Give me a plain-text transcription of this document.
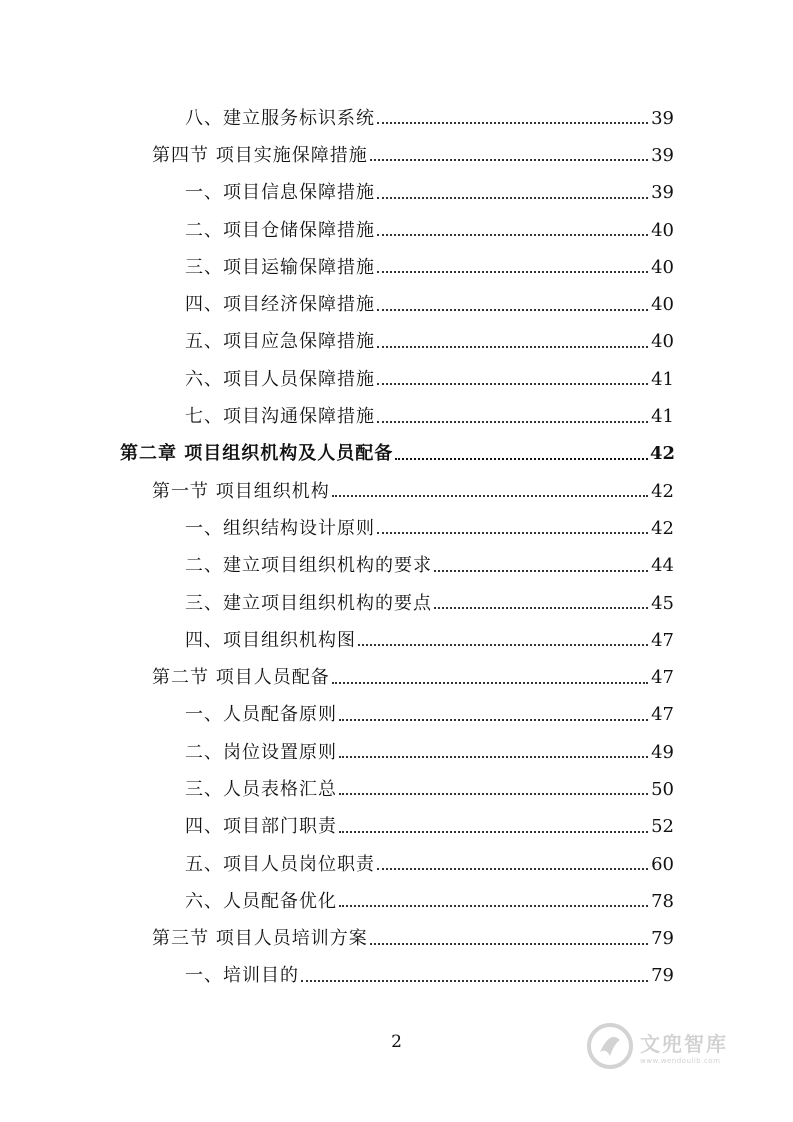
八、建立服务标识系统	39
第四节 项目实施保障措施	39
一、项目信息保障措施	39
二、项目仓储保障措施	40
三、项目运输保障措施	40
四、项目经济保障措施	40
五、项目应急保障措施	40
六、项目人员保障措施	41
七、项目沟通保障措施	41
第二章 项目组织机构及人员配备	42
第一节 项目组织机构	42
一、组织结构设计原则	42
二、建立项目组织机构的要求	44
三、建立项目组织机构的要点	45
四、项目组织机构图	47
第二节 项目人员配备	47
一、人员配备原则	47
二、岗位设置原则	49
三、人员表格汇总	50
四、项目部门职责	52
五、项目人员岗位职责	60
六、人员配备优化	78
第三节 项目人员培训方案	79
一、培训目的	79
2	文兜智库
www.wendoulib.com
